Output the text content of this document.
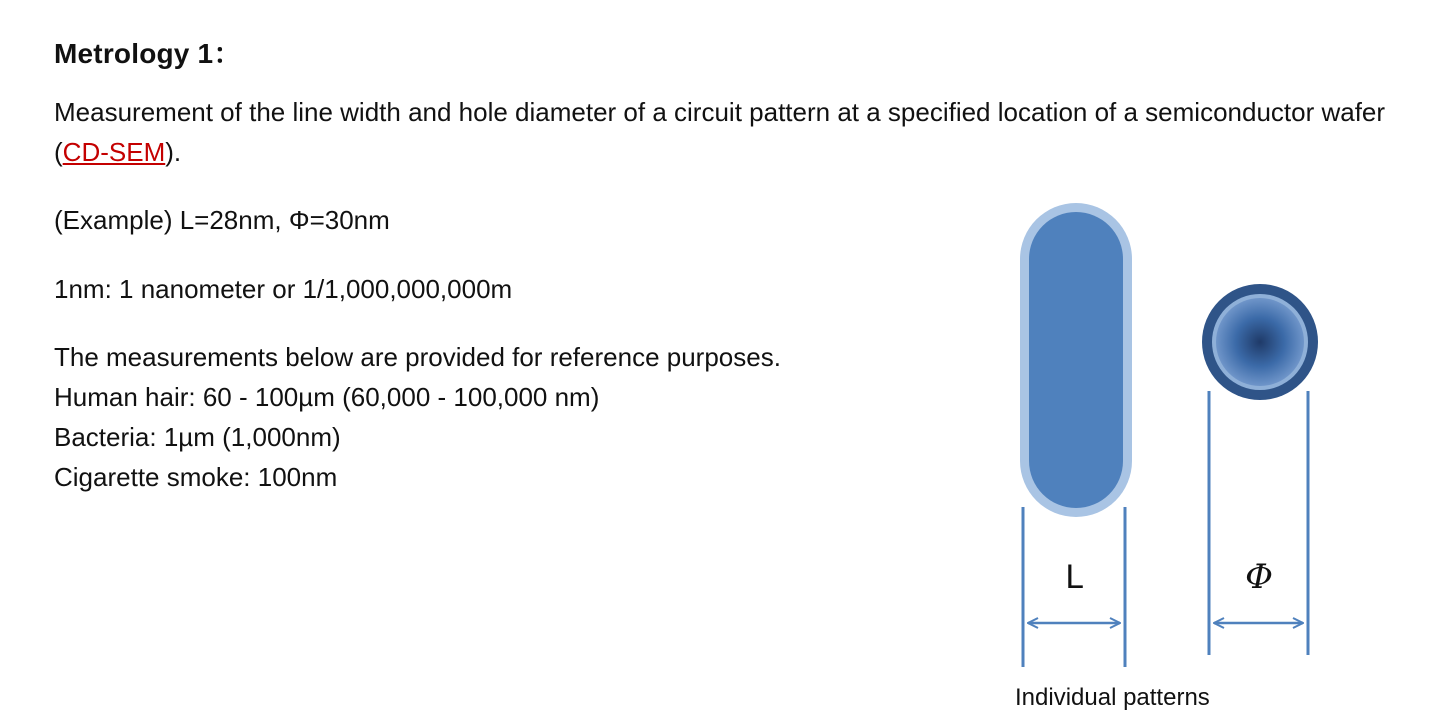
Metrology 1：

Measurement of the line width and hole diameter of a circuit pattern at a specified location of a semiconductor wafer (CD-SEM).

(Example) L=28nm, Φ=30nm

1nm: 1 nanometer or 1/1,000,000,000m

The measurements below are provided for reference purposes.
Human hair: 60 - 100µm (60,000 - 100,000 nm)
Bacteria: 1µm (1,000nm)
Cigarette smoke: 100nm

L	Φ
Individual patterns
